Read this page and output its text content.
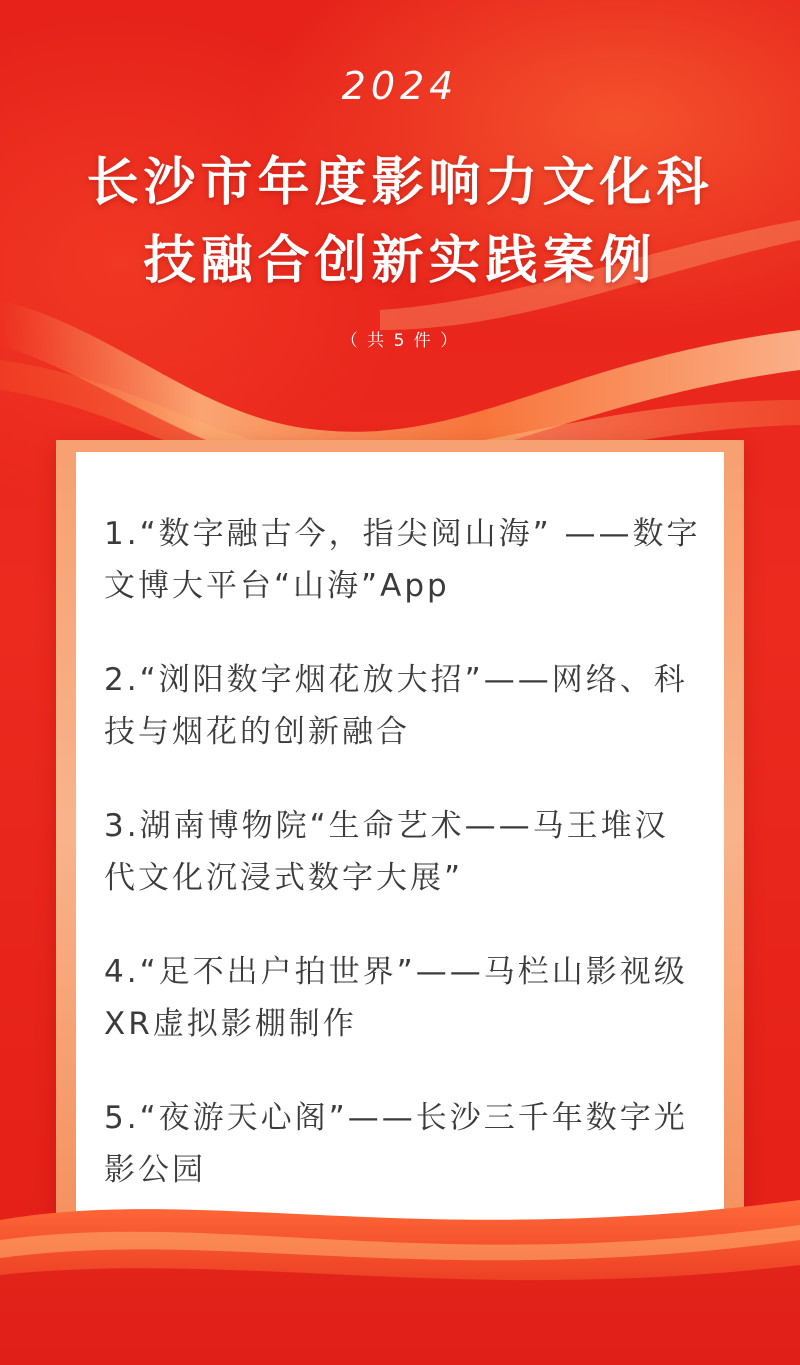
2024
长沙市年度影响力文化科
技融合创新实践案例
（ 共 5 件 ）
1.“数字融古今，指尖阅山海” ——数字文博大平台“山海”App
2.“浏阳数字烟花放大招”——网络、科技与烟花的创新融合
3.湖南博物院“生命艺术——马王堆汉代文化沉浸式数字大展”
4.“足不出户拍世界”——马栏山影视级XR虚拟影棚制作
5.“夜游天心阁”——长沙三千年数字光影公园
